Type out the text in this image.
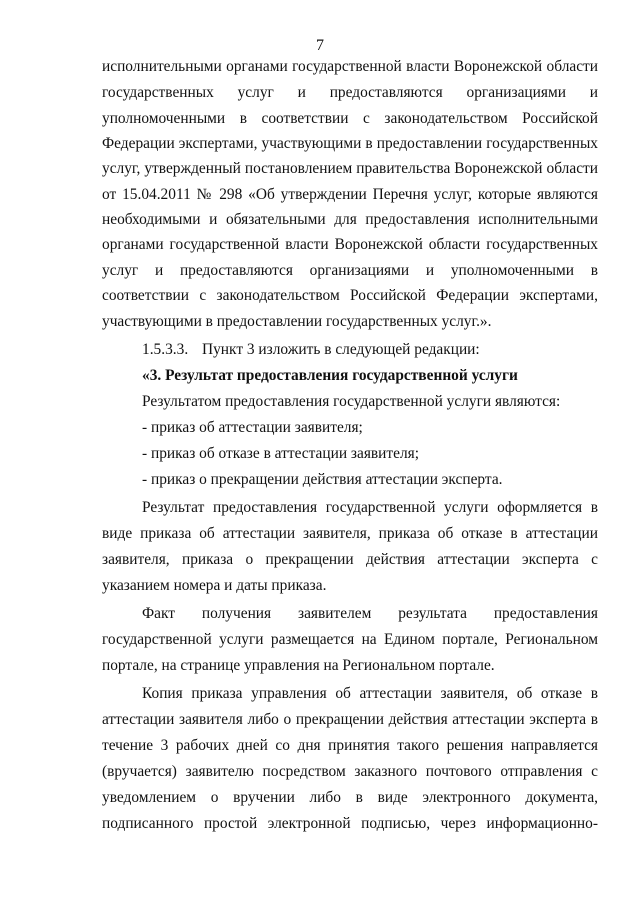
7
исполнительными органами государственной власти Воронежской области
государственных услуг и предоставляются организациями и
уполномоченными в соответствии с законодательством Российской
Федерации экспертами, участвующими в предоставлении государственных
услуг, утвержденный постановлением правительства Воронежской области
от 15.04.2011 № 298 «Об утверждении Перечня услуг, которые являются
необходимыми и обязательными для предоставления исполнительными
органами государственной власти Воронежской области государственных
услуг и предоставляются организациями и уполномоченными в
соответствии с законодательством Российской Федерации экспертами,
участвующими в предоставлении государственных услуг.».
1.5.3.3. Пункт 3 изложить в следующей редакции:
«3. Результат предоставления государственной услуги
Результатом предоставления государственной услуги являются:
- приказ об аттестации заявителя;
- приказ об отказе в аттестации заявителя;
- приказ о прекращении действия аттестации эксперта.
Результат предоставления государственной услуги оформляется в
виде приказа об аттестации заявителя, приказа об отказе в аттестации
заявителя, приказа о прекращении действия аттестации эксперта с
указанием номера и даты приказа.
Факт получения заявителем результата предоставления
государственной услуги размещается на Едином портале, Региональном
портале, на странице управления на Региональном портале.
Копия приказа управления об аттестации заявителя, об отказе в
аттестации заявителя либо о прекращении действия аттестации эксперта в
течение 3 рабочих дней со дня принятия такого решения направляется
(вручается) заявителю посредством заказного почтового отправления с
уведомлением о вручении либо в виде электронного документа,
подписанного простой электронной подписью, через информационно-
